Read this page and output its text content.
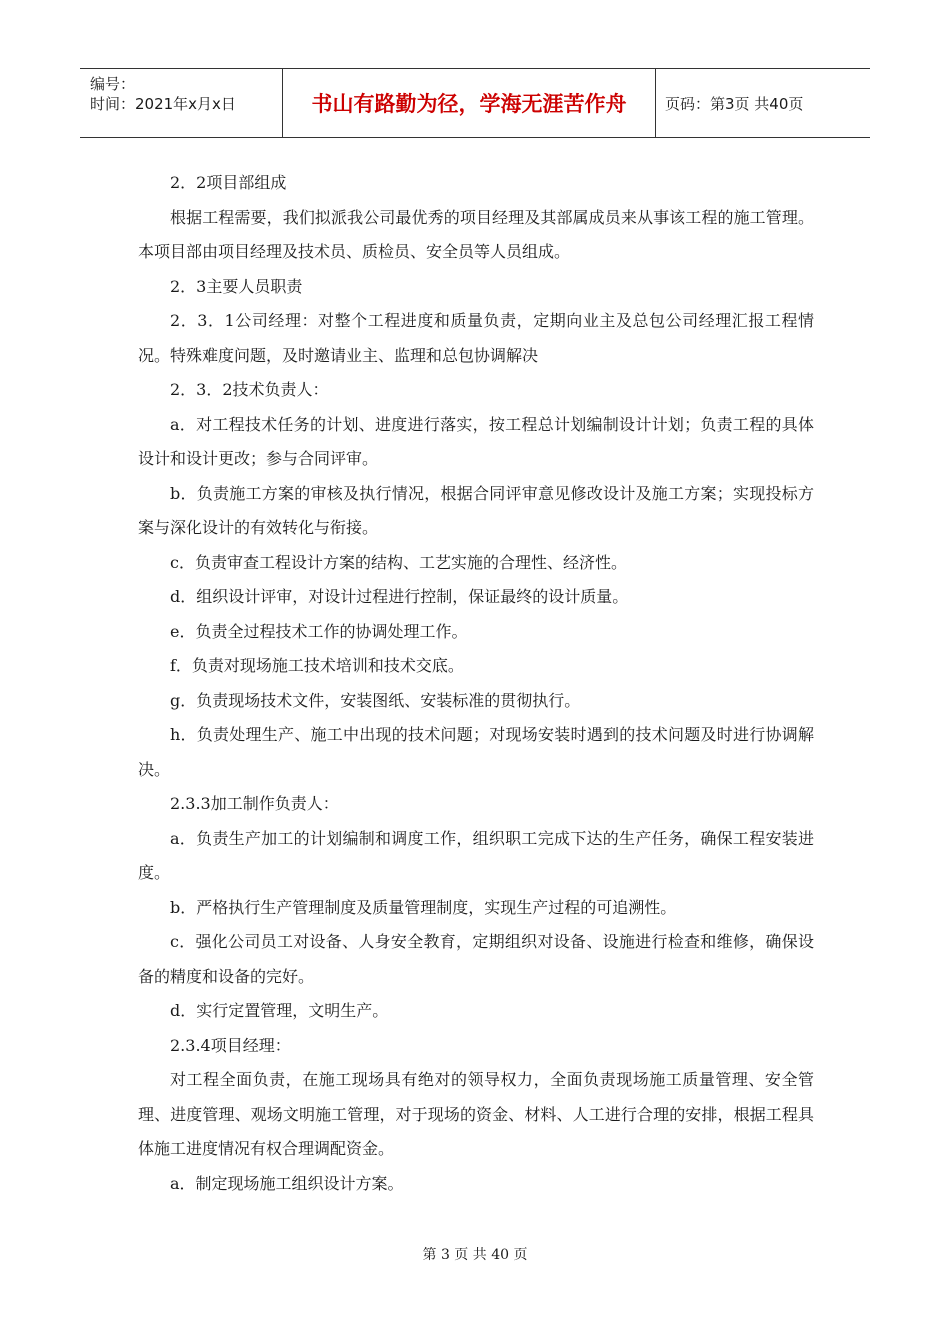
编号：
时间：2021年x月x日	书山有路勤为径，学海无涯苦作舟	页码：第3页 共40页

2．2项目部组成

根据工程需要，我们拟派我公司最优秀的项目经理及其部属成员来从事该工程的施工管理。本项目部由项目经理及技术员、质检员、安全员等人员组成。

2．3主要人员职责

2．3．1公司经理：对整个工程进度和质量负责，定期向业主及总包公司经理汇报工程情况。特殊难度问题，及时邀请业主、监理和总包协调解决

2．3．2技术负责人：

a．对工程技术任务的计划、进度进行落实，按工程总计划编制设计计划；负责工程的具体设计和设计更改；参与合同评审。

b．负责施工方案的审核及执行情况，根据合同评审意见修改设计及施工方案；实现投标方案与深化设计的有效转化与衔接。

c．负责审查工程设计方案的结构、工艺实施的合理性、经济性。

d．组织设计评审，对设计过程进行控制，保证最终的设计质量。

e．负责全过程技术工作的协调处理工作。

f．负责对现场施工技术培训和技术交底。

g．负责现场技术文件，安装图纸、安装标准的贯彻执行。

h．负责处理生产、施工中出现的技术问题；对现场安装时遇到的技术问题及时进行协调解决。

2.3.3加工制作负责人：

a．负责生产加工的计划编制和调度工作，组织职工完成下达的生产任务，确保工程安装进度。

b．严格执行生产管理制度及质量管理制度，实现生产过程的可追溯性。

c．强化公司员工对设备、人身安全教育，定期组织对设备、设施进行检查和维修，确保设备的精度和设备的完好。

d．实行定置管理，文明生产。

2.3.4项目经理：

对工程全面负责，在施工现场具有绝对的领导权力，全面负责现场施工质量管理、安全管理、进度管理、观场文明施工管理，对于现场的资金、材料、人工进行合理的安排，根据工程具体施工进度情况有权合理调配资金。

a．制定现场施工组织设计方案。

第 3 页 共 40 页
